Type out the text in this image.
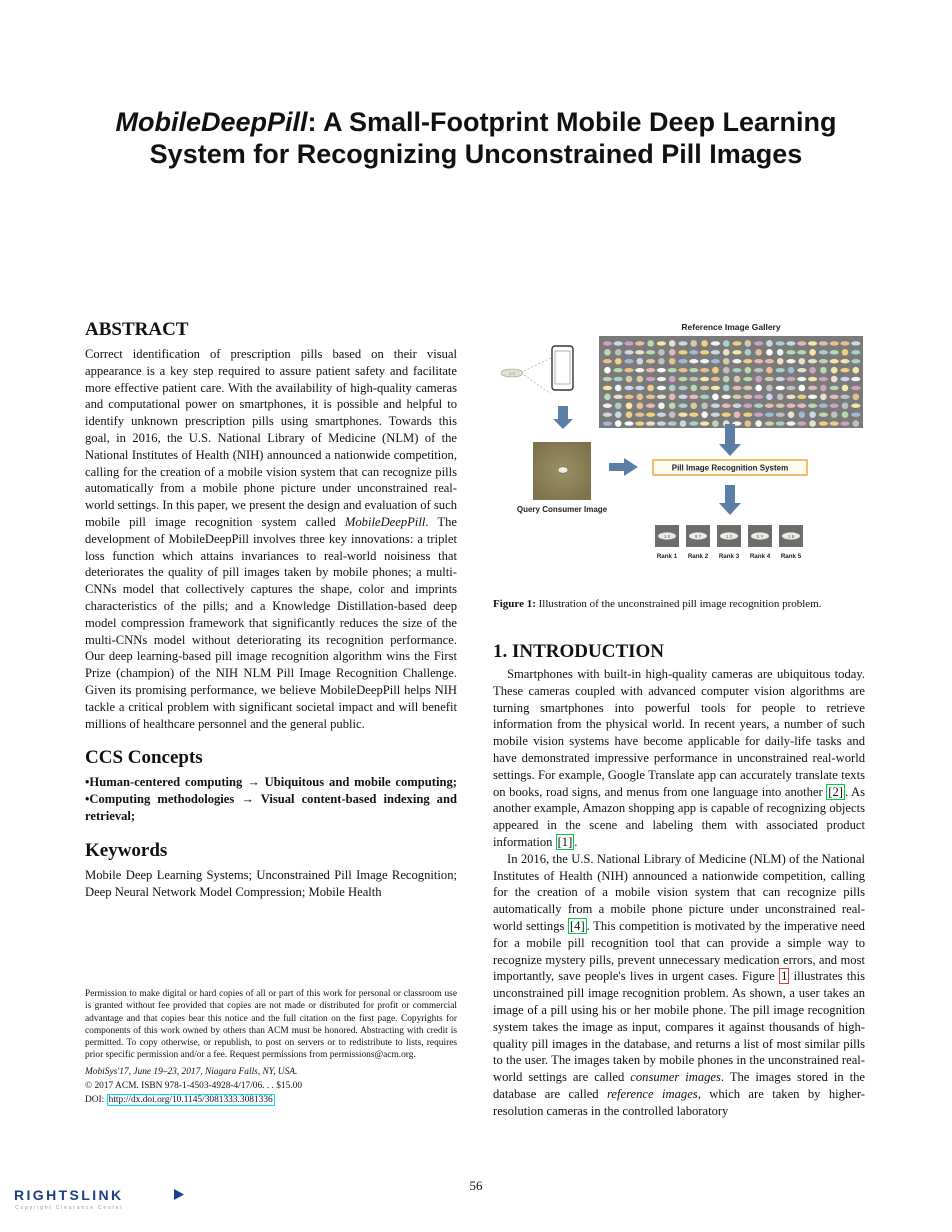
MobileDeepPill: A Small-Footprint Mobile Deep Learning
System for Recognizing Unconstrained Pill Images
ABSTRACT

Correct identification of prescription pills based on their visual appearance is a key step required to assure patient safety and facilitate more effective patient care. With the availability of high-quality cameras and computational power on smartphones, it is possible and helpful to identify unknown prescription pills using smartphones. Towards this goal, in 2016, the U.S. National Library of Medicine (NLM) of the National Institutes of Health (NIH) announced a nationwide competition, calling for the creation of a mobile vision system that can recognize pills automatically from a mobile phone picture under unconstrained real-world settings. In this paper, we present the design and evaluation of such mobile pill image recognition system called MobileDeepPill. The development of MobileDeepPill involves three key innovations: a triplet loss function which attains invariances to real-world noisiness that deteriorates the quality of pill images taken by mobile phones; a multi-CNNs model that collectively captures the shape, color and imprints characteristics of the pills; and a Knowledge Distillation-based deep model compression framework that significantly reduces the size of the multi-CNNs model without deteriorating its recognition performance. Our deep learning-based pill image recognition algorithm wins the First Prize (champion) of the NIH NLM Pill Image Recognition Challenge. Given its promising performance, we believe MobileDeepPill helps NIH tackle a critical problem with significant societal impact and will benefit millions of healthcare personnel and the general public.

CCS Concepts

•Human-centered computing → Ubiquitous and mobile computing; •Computing methodologies → Visual content-based indexing and retrieval;

Keywords

Mobile Deep Learning Systems; Unconstrained Pill Image Recognition; Deep Neural Network Model Compression; Mobile Health

Permission to make digital or hard copies of all or part of this work for personal or classroom use is granted without fee provided that copies are not made or distributed for profit or commercial advantage and that copies bear this notice and the full citation on the first page. Copyrights for components of this work owned by others than ACM must be honored. Abstracting with credit is permitted. To copy otherwise, or republish, to post on servers or to redistribute to lists, requires prior specific permission and/or a fee. Request permissions from permissions@acm.org.
MobiSys'17, June 19–23, 2017, Niagara Falls, NY, USA.
© 2017 ACM. ISBN 978-1-4503-4928-4/17/06. . . $15.00
DOI: http://dx.doi.org/10.1145/3081333.3081336
Reference Image Gallery
2 3
Query Consumer Image
Pill Image Recognition System
1 0
Rank 1
9 7
Rank 2
1 2
Rank 3
S Y
Rank 4
1 9
Rank 5
Figure 1: Illustration of the unconstrained pill image recognition problem.
1. INTRODUCTION

Smartphones with built-in high-quality cameras are ubiquitous today. These cameras coupled with advanced computer vision algorithms are turning smartphones into powerful tools for people to retrieve information from the physical world. In recent years, a number of such mobile vision systems have become applicable for daily-life tasks and have demonstrated impressive performance in unconstrained real-world settings. For example, Google Translate app can accurately translate texts on books, road signs, and menus from one language into another [2] . As another example, Amazon shopping app is capable of recognizing objects appeared in the scene and labeling them with associated product information [1] .

In 2016, the U.S. National Library of Medicine (NLM) of the National Institutes of Health (NIH) announced a nationwide competition, calling for the creation of a mobile vision system that can recognize pills automatically from a mobile phone picture under unconstrained real-world settings [4] . This competition is motivated by the imperative need for a mobile pill recognition tool that can provide a simple way to recognize mystery pills, prevent unnecessary medication errors, and most importantly, save people's lives in urgent cases. Figure 1 illustrates this unconstrained pill image recognition problem. As shown, a user takes an image of a pill using his or her mobile phone. The pill image recognition system takes the image as input, compares it against thousands of high-quality pill images in the database, and returns a list of most similar pills to the user. The images taken by mobile phones in the unconstrained real-world settings are called consumer images. The images stored in the database are called reference images, which are taken by higher-resolution cameras in the controlled laboratory

56
RIGHTSLINK
Copyright Clearance Center
